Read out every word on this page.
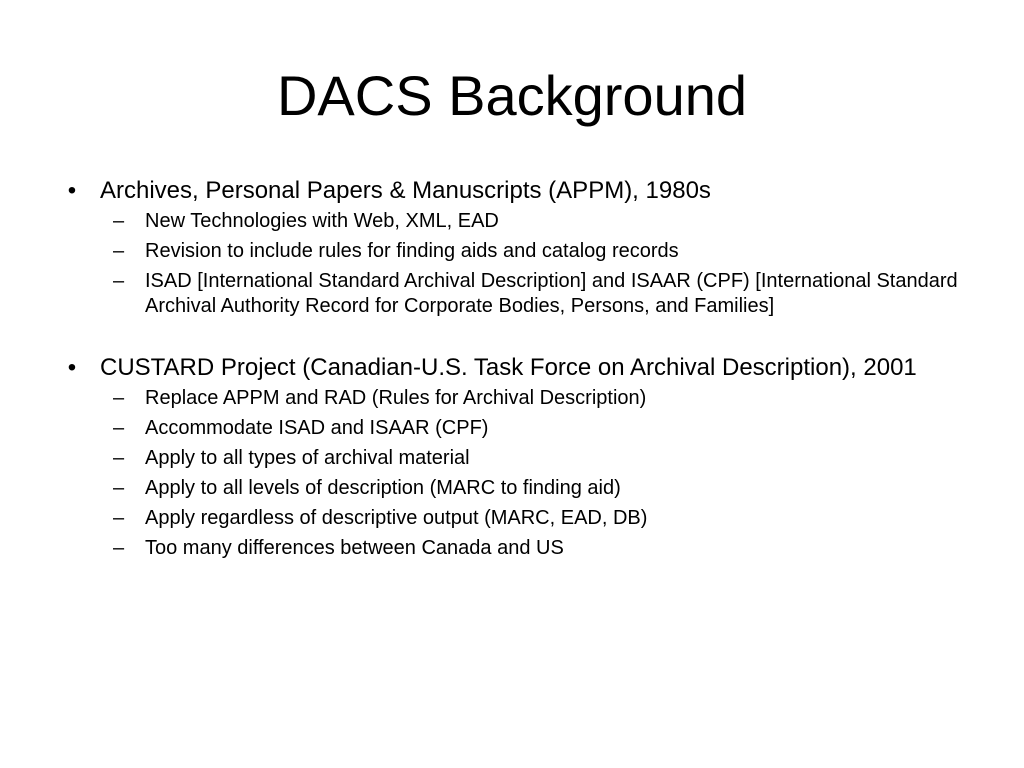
DACS Background
• Archives, Personal Papers & Manuscripts (APPM), 1980s
– New Technologies with Web, XML, EAD
– Revision to include rules for finding aids and catalog records
– ISAD [International Standard Archival Description] and ISAAR (CPF) [International Standard Archival Authority Record for Corporate Bodies, Persons, and Families]
• CUSTARD Project (Canadian-U.S. Task Force on Archival Description), 2001
– Replace APPM and RAD (Rules for Archival Description)
– Accommodate ISAD and ISAAR (CPF)
– Apply to all types of archival material
– Apply to all levels of description (MARC to finding aid)
– Apply regardless of descriptive output (MARC, EAD, DB)
– Too many differences between Canada and US
